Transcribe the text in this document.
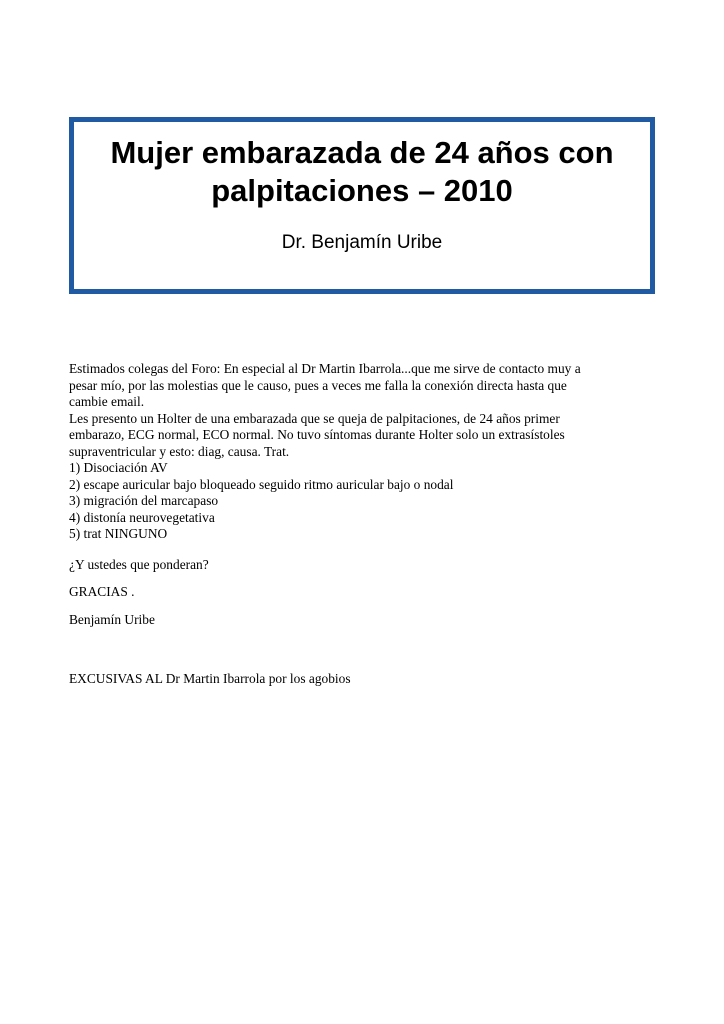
Mujer embarazada de 24 años con
palpitaciones – 2010
Dr. Benjamín Uribe

Estimados colegas del Foro: En especial al Dr Martin Ibarrola...que me sirve de contacto muy a
pesar mío, por las molestias que le causo, pues a veces me falla la conexión directa hasta que
cambie email.
Les presento un Holter de una embarazada que se queja de palpitaciones, de 24 años primer
embarazo, ECG normal, ECO normal. No tuvo síntomas durante Holter solo un extrasístoles
supraventricular y esto: diag, causa. Trat.

1) Disociación AV
2) escape auricular bajo bloqueado seguido ritmo auricular bajo o nodal
3) migración del marcapaso
4) distonía neurovegetativa
5) trat NINGUNO

¿Y ustedes que ponderan?

GRACIAS .

Benjamín Uribe

EXCUSIVAS AL Dr Martin Ibarrola por los agobios
